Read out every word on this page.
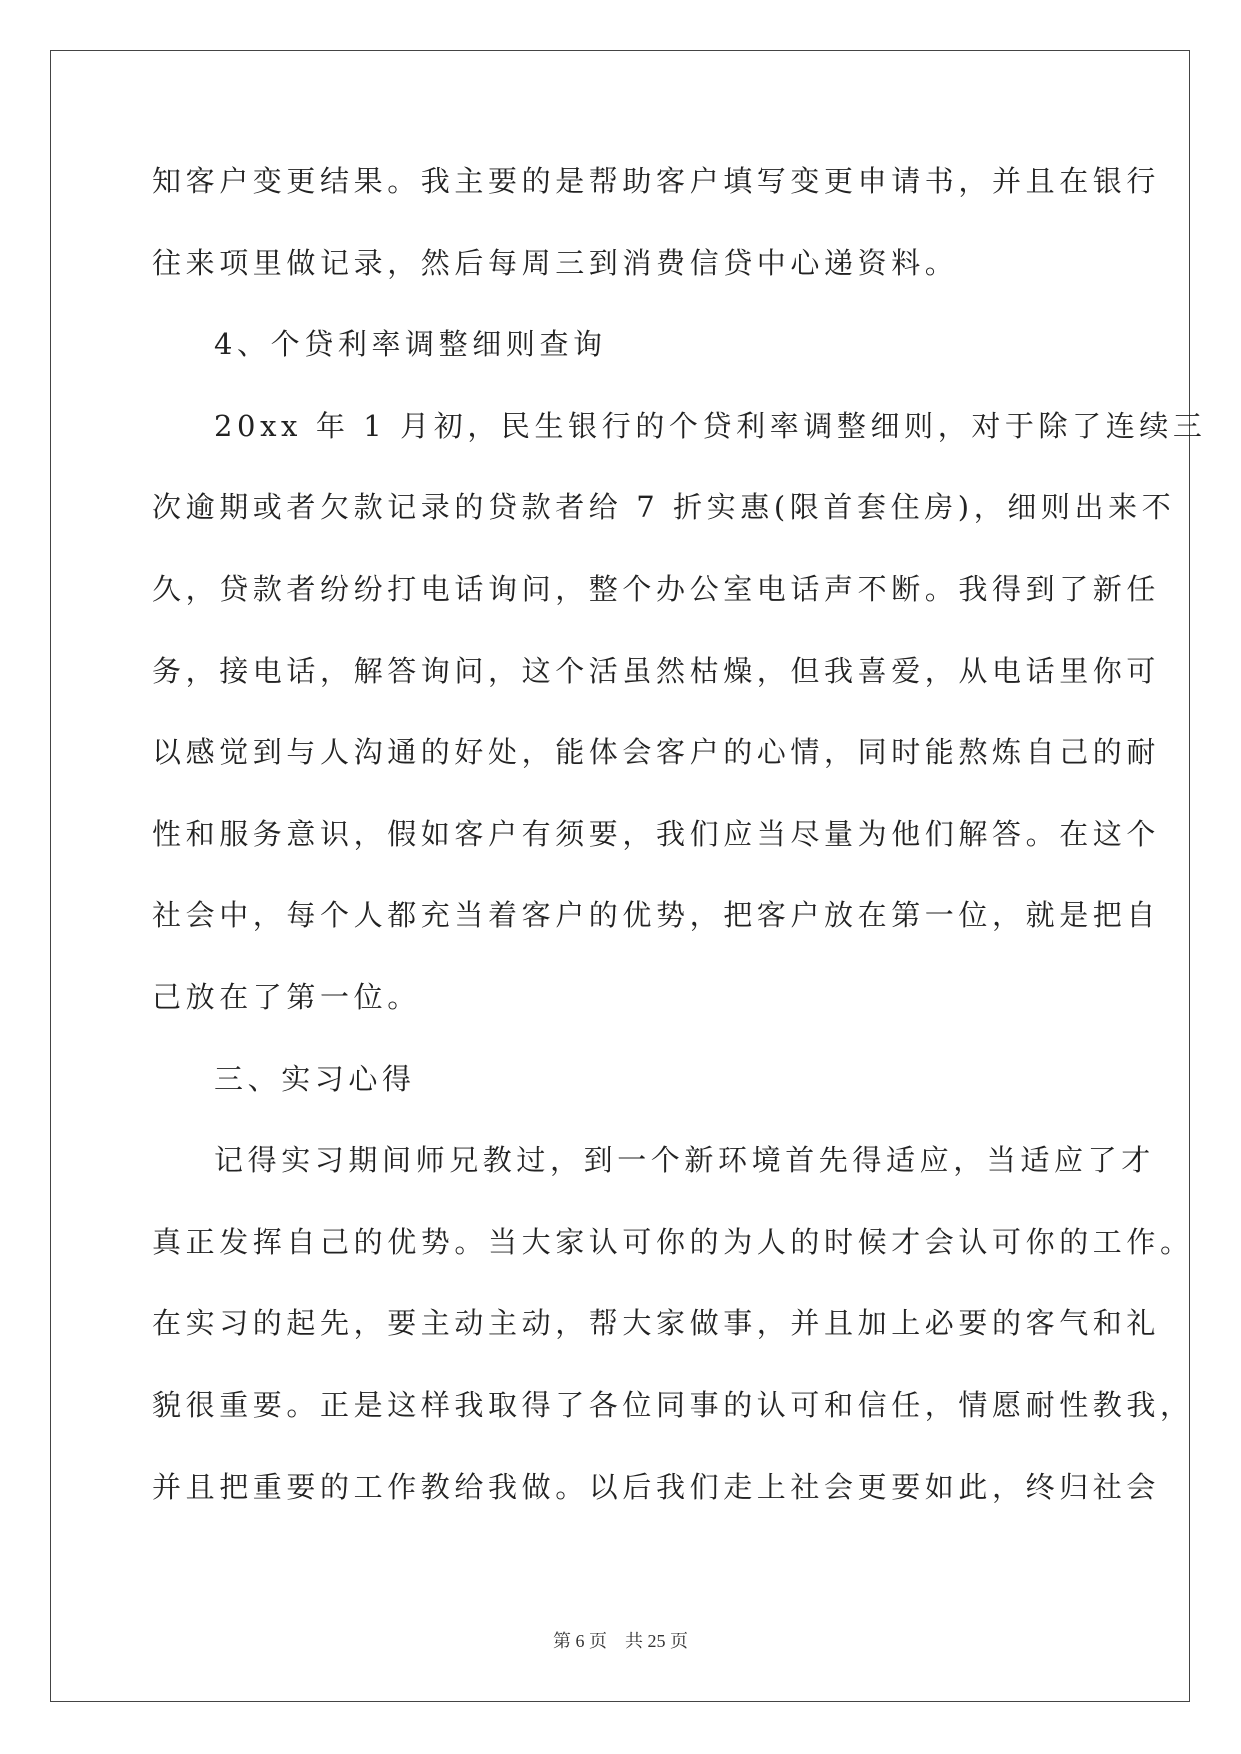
知客户变更结果。我主要的是帮助客户填写变更申请书，并且在银行
往来项里做记录，然后每周三到消费信贷中心递资料。
4、个贷利率调整细则查询
20xx 年 1 月初，民生银行的个贷利率调整细则，对于除了连续三
次逾期或者欠款记录的贷款者给 7 折实惠(限首套住房)，细则出来不
久，贷款者纷纷打电话询问，整个办公室电话声不断。我得到了新任
务，接电话，解答询问，这个活虽然枯燥，但我喜爱，从电话里你可
以感觉到与人沟通的好处，能体会客户的心情，同时能熬炼自己的耐
性和服务意识，假如客户有须要，我们应当尽量为他们解答。在这个
社会中，每个人都充当着客户的优势，把客户放在第一位，就是把自
己放在了第一位。
三、实习心得
记得实习期间师兄教过，到一个新环境首先得适应，当适应了才
真正发挥自己的优势。当大家认可你的为人的时候才会认可你的工作。
在实习的起先，要主动主动，帮大家做事，并且加上必要的客气和礼
貌很重要。正是这样我取得了各位同事的认可和信任，情愿耐性教我，
并且把重要的工作教给我做。以后我们走上社会更要如此，终归社会
第 6 页 共 25 页
